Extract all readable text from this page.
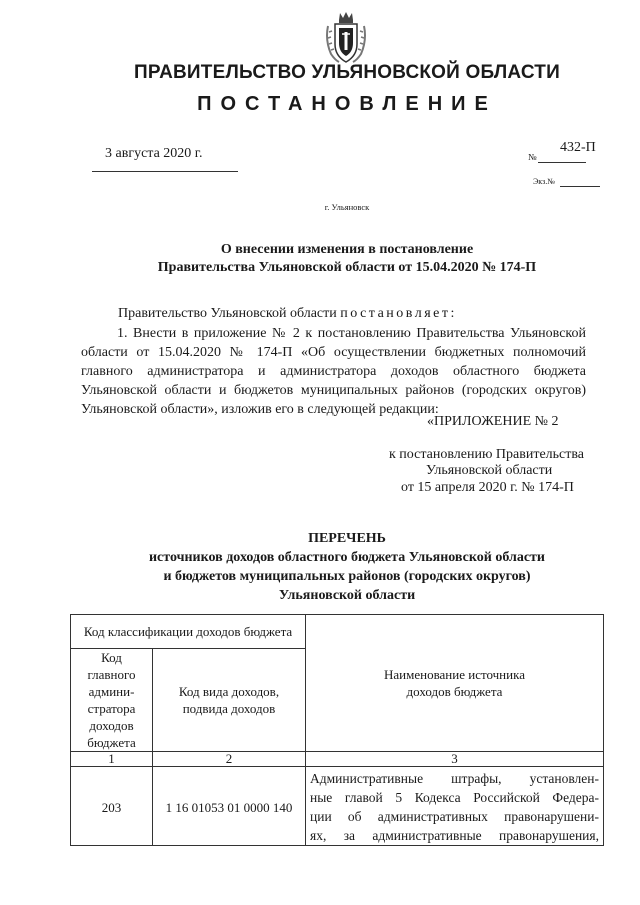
ПРАВИТЕЛЬСТВО УЛЬЯНОВСКОЙ ОБЛАСТИ
ПОСТАНОВЛЕНИЕ
3 августа 2020 г.	№
432-П
Экз.№
г. Ульяновск
О внесении изменения в постановление
Правительства Ульяновской области от 15.04.2020 № 174-П
Правительство Ульяновской области постановляет:
1. Внести в приложение № 2 к постановлению Правительства Ульяновской
области от 15.04.2020 № 174-П «Об осуществлении бюджетных полномочий
главного администратора и администратора доходов областного бюджета
Ульяновской области и бюджетов муниципальных районов (городских округов)
Ульяновской области», изложив его в следующей редакции:
«ПРИЛОЖЕНИЕ № 2
к постановлению Правительства
Ульяновской области
от 15 апреля 2020 г. № 174-П
ПЕРЕЧЕНЬ
источников доходов областного бюджета Ульяновской области
и бюджетов муниципальных районов (городских округов)
Ульяновской области
Код классификации доходов бюджета		Наименование источника доходов бюджета
Код главного админи-стратора доходов бюджета	Код вида доходов, подвида доходов	
1	2	3
203	1 16 01053 01 0000 140	Административные штрафы, установлен-
ные главой 5 Кодекса Российской Федера-
ции об административных правонарушени-
ях, за административные правонарушения,
